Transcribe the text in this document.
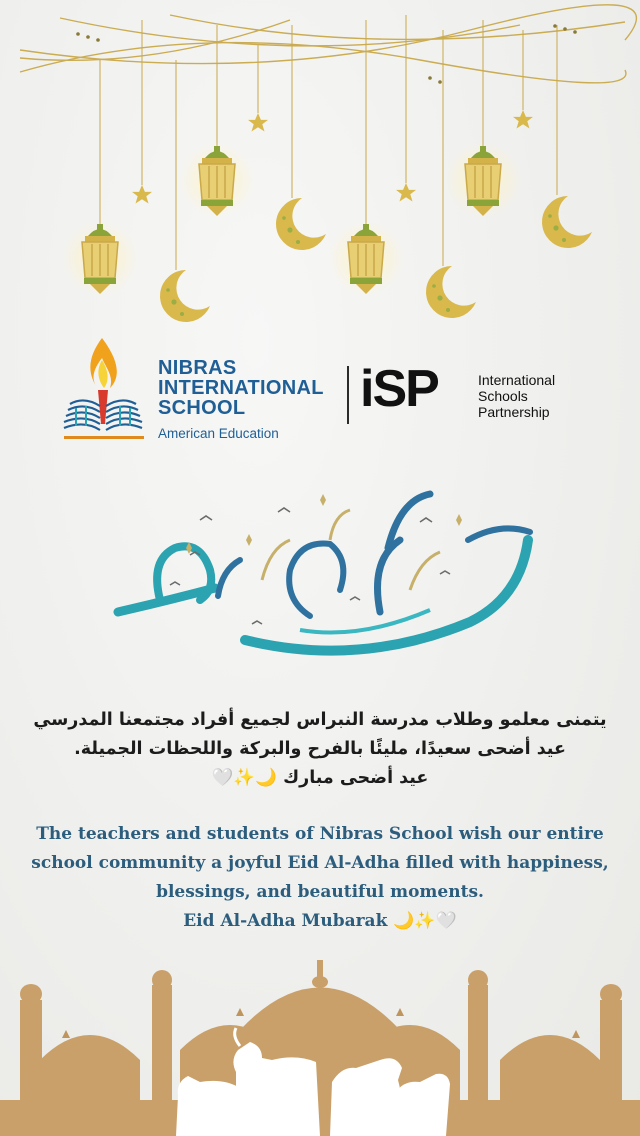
NIBRAS
INTERNATIONAL
SCHOOL
American Education
iSP	International
Schools
Partnership
يتمنى معلمو وطلاب مدرسة النبراس لجميع أفراد مجتمعنا المدرسي
عيد أضحى سعيدًا، مليئًا بالفرح والبركة واللحظات الجميلة.
عيد أضحى مبارك 🌙✨🤍
The teachers and students of Nibras School wish our entire
school community a joyful Eid Al-Adha filled with happiness,
blessings, and beautiful moments.
Eid Al-Adha Mubarak 🌙✨🤍
